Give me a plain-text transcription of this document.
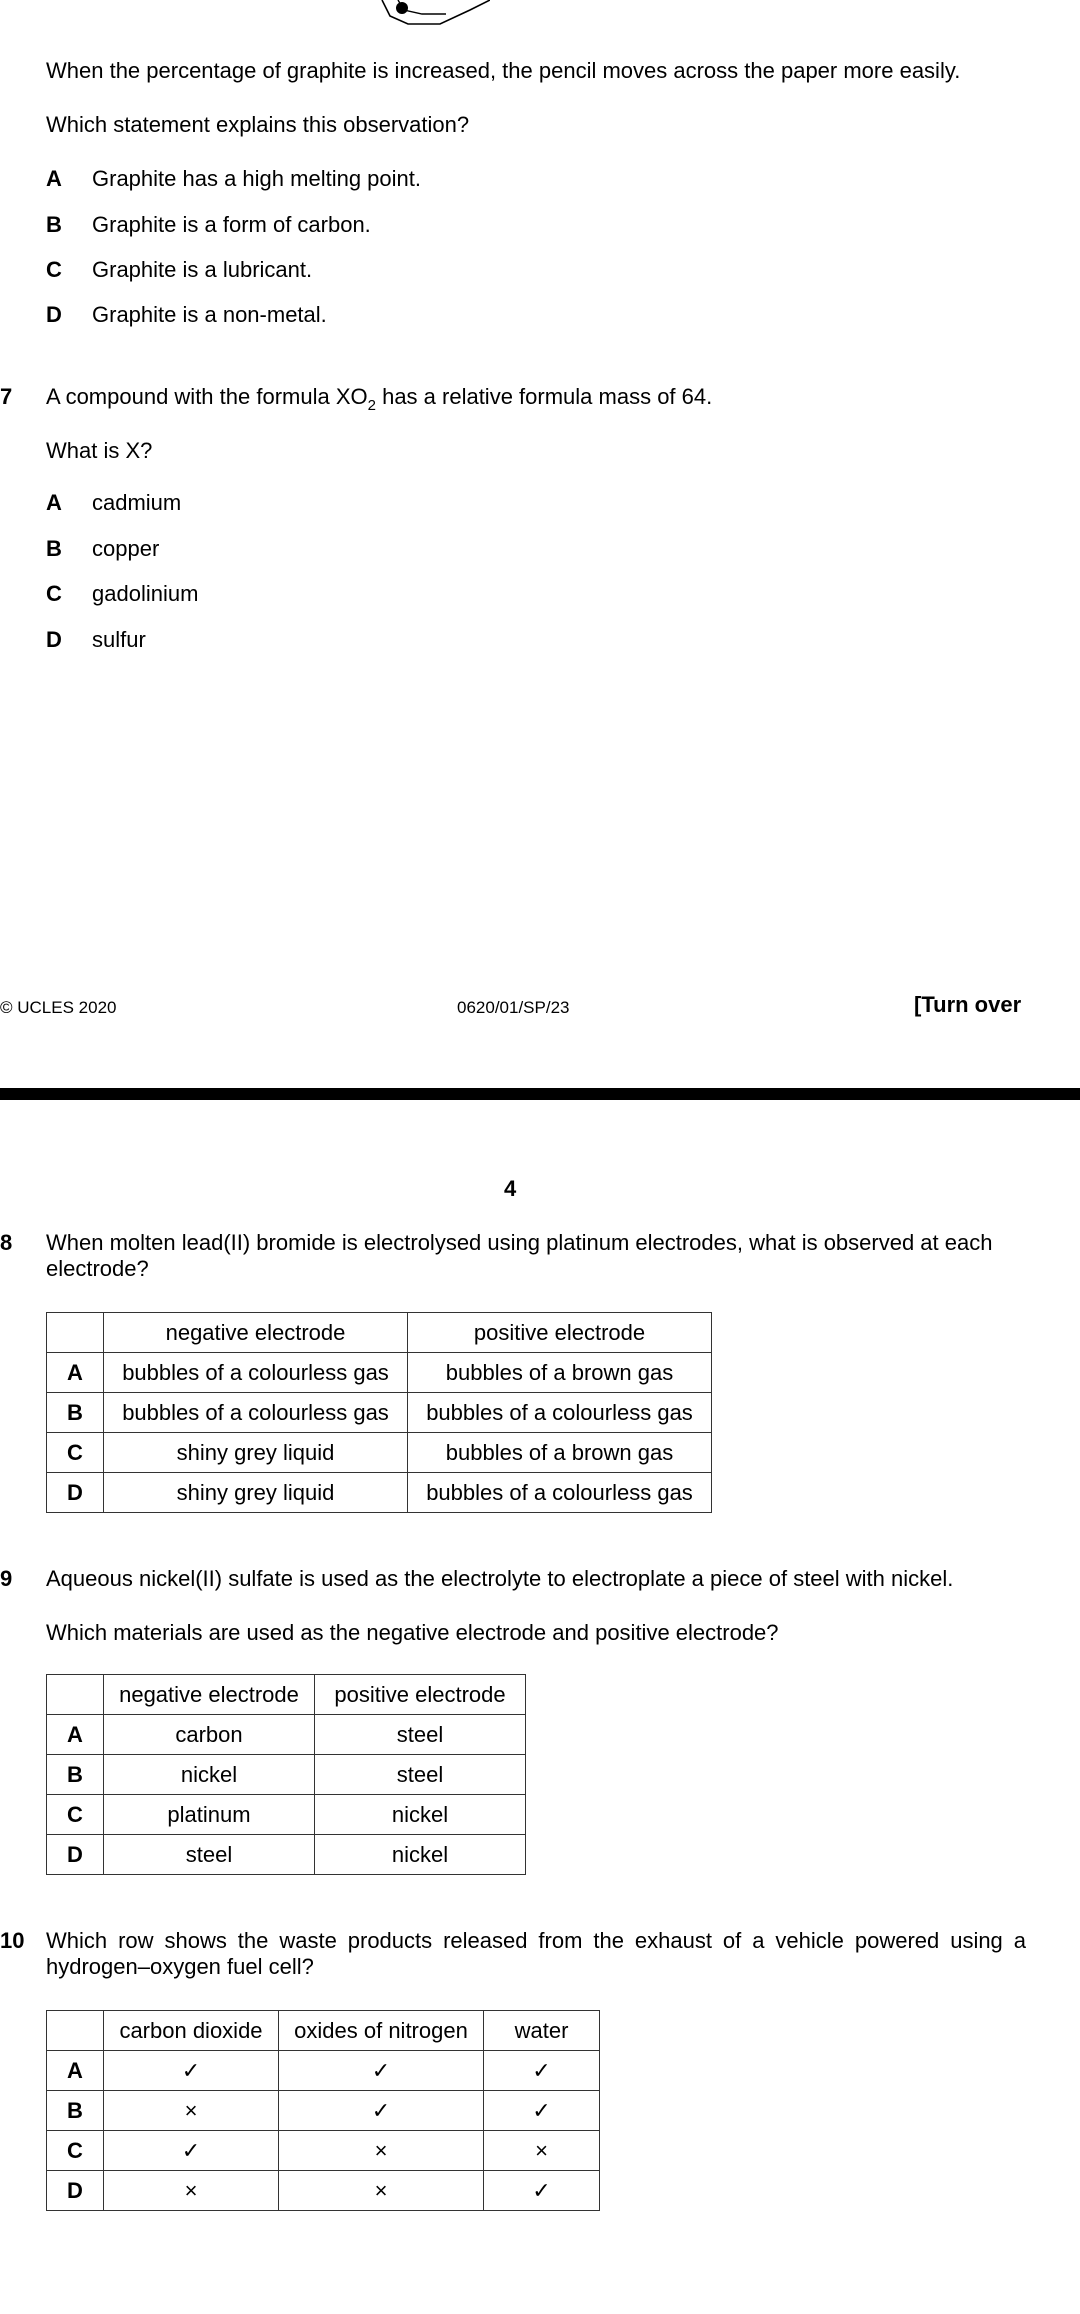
When the percentage of graphite is increased, the pencil moves across the paper more easily.
Which statement explains this observation?
A Graphite has a high melting point.
B Graphite is a form of carbon.
C Graphite is a lubricant.
D Graphite is a non-metal.
7 A compound with the formula $XO_2$ has a relative formula mass of 64.
What is X?
A cadmium
B copper
C gadolinium
D sulfur
© UCLES 2020	0620/01/SP/23	[Turn over
4
8 When molten lead(II) bromide is electrolysed using platinum electrodes, what is observed at each
electrode?
	negative electrode	positive electrode
A	bubbles of a colourless gas	bubbles of a brown gas
B	bubbles of a colourless gas	bubbles of a colourless gas
C	shiny grey liquid	bubbles of a brown gas
D	shiny grey liquid	bubbles of a colourless gas
9 Aqueous nickel(II) sulfate is used as the electrolyte to electroplate a piece of steel with nickel.
Which materials are used as the negative electrode and positive electrode?
	negative electrode	positive electrode
A	carbon	steel
B	nickel	steel
C	platinum	nickel
D	steel	nickel
10 Which row shows the waste products released from the exhaust of a vehicle powered using a
hydrogen–oxygen fuel cell?
	carbon dioxide	oxides of nitrogen	water
A	✓	✓	✓
B	×	✓	✓
C	✓	×	×
D	×	×	✓
